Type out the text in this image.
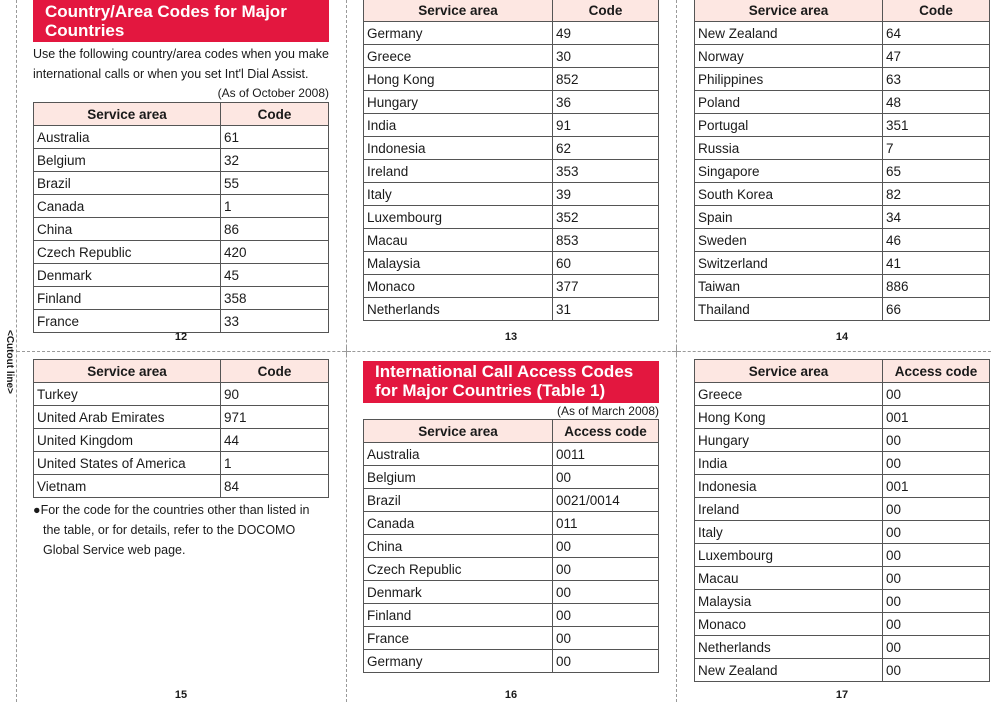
<Cutout line>
Country/Area Codes for Major Countries
Use the following country/area codes when you make international calls or when you set Int'l Dial Assist.
(As of October 2008)
Service area	Code
Australia	61
Belgium	32
Brazil	55
Canada	1
China	86
Czech Republic	420
Denmark	45
Finland	358
France	33
12
Service area	Code
Germany	49
Greece	30
Hong Kong	852
Hungary	36
India	91
Indonesia	62
Ireland	353
Italy	39
Luxembourg	352
Macau	853
Malaysia	60
Monaco	377
Netherlands	31
13
Service area	Code
New Zealand	64
Norway	47
Philippines	63
Poland	48
Portugal	351
Russia	7
Singapore	65
South Korea	82
Spain	34
Sweden	46
Switzerland	41
Taiwan	886
Thailand	66
14
Service area	Code
Turkey	90
United Arab Emirates	971
United Kingdom	44
United States of America	1
Vietnam	84
●For the code for the countries other than listed in the table, or for details, refer to the DOCOMO Global Service web page.
15
International Call Access Codes for Major Countries (Table 1)
(As of March 2008)
Service area	Access code
Australia	0011
Belgium	00
Brazil	0021/0014
Canada	011
China	00
Czech Republic	00
Denmark	00
Finland	00
France	00
Germany	00
16
Service area	Access code
Greece	00
Hong Kong	001
Hungary	00
India	00
Indonesia	001
Ireland	00
Italy	00
Luxembourg	00
Macau	00
Malaysia	00
Monaco	00
Netherlands	00
New Zealand	00
17
